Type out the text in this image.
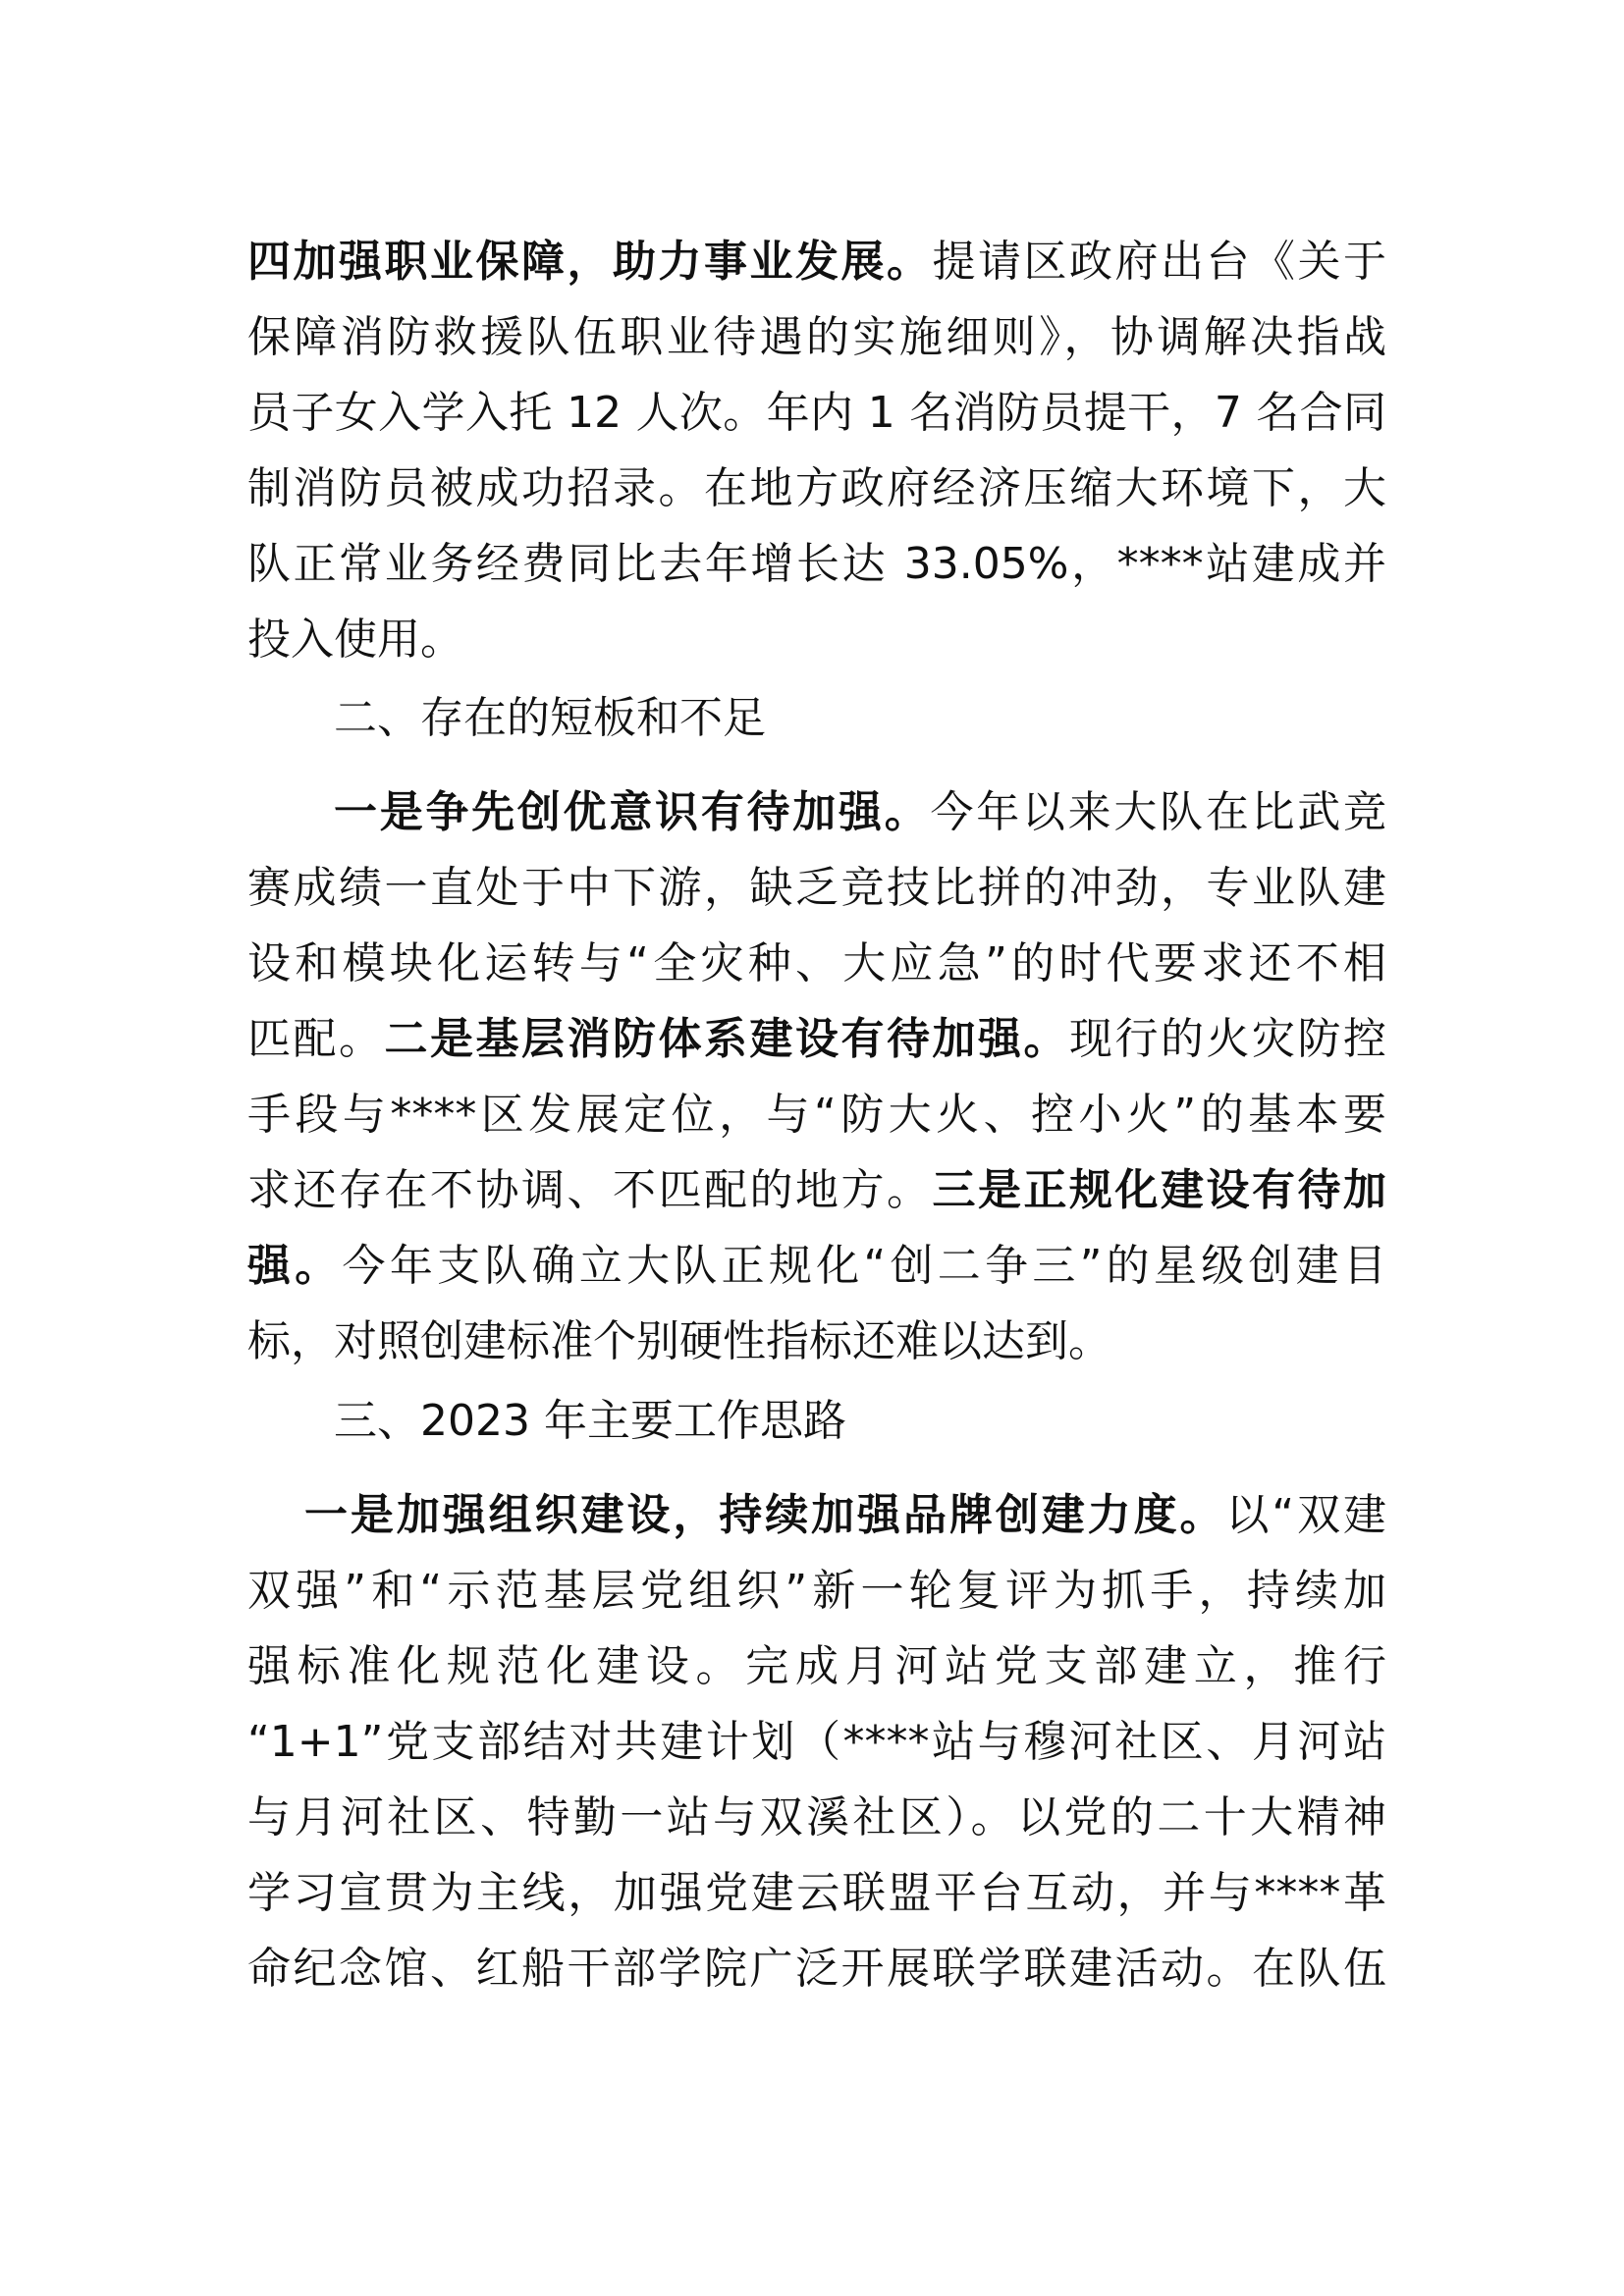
四加强职业保障，助力事业发展。提请区政府出台《关于
保障消防救援队伍职业待遇的实施细则》，协调解决指战
员子女入学入托 12 人次。年内 1 名消防员提干，7 名合同
制消防员被成功招录。在地方政府经济压缩大环境下，大
队正常业务经费同比去年增长达 33.05%，****站建成并
投入使用。
二、存在的短板和不足
一是争先创优意识有待加强。今年以来大队在比武竞
赛成绩一直处于中下游，缺乏竞技比拼的冲劲，专业队建
设和模块化运转与“全灾种、大应急”的时代要求还不相
匹配。二是基层消防体系建设有待加强。现行的火灾防控
手段与****区发展定位，与“防大火、控小火”的基本要
求还存在不协调、不匹配的地方。三是正规化建设有待加
强。今年支队确立大队正规化“创二争三”的星级创建目
标，对照创建标准个别硬性指标还难以达到。
三、2023 年主要工作思路
一是加强组织建设，持续加强品牌创建力度。以“双建
双强”和“示范基层党组织”新一轮复评为抓手，持续加
强标准化规范化建设。完成月河站党支部建立，推行
“1+1”党支部结对共建计划（****站与穆河社区、月河站
与月河社区、特勤一站与双溪社区）。以党的二十大精神
学习宣贯为主线，加强党建云联盟平台互动，并与****革
命纪念馆、红船干部学院广泛开展联学联建活动。在队伍
